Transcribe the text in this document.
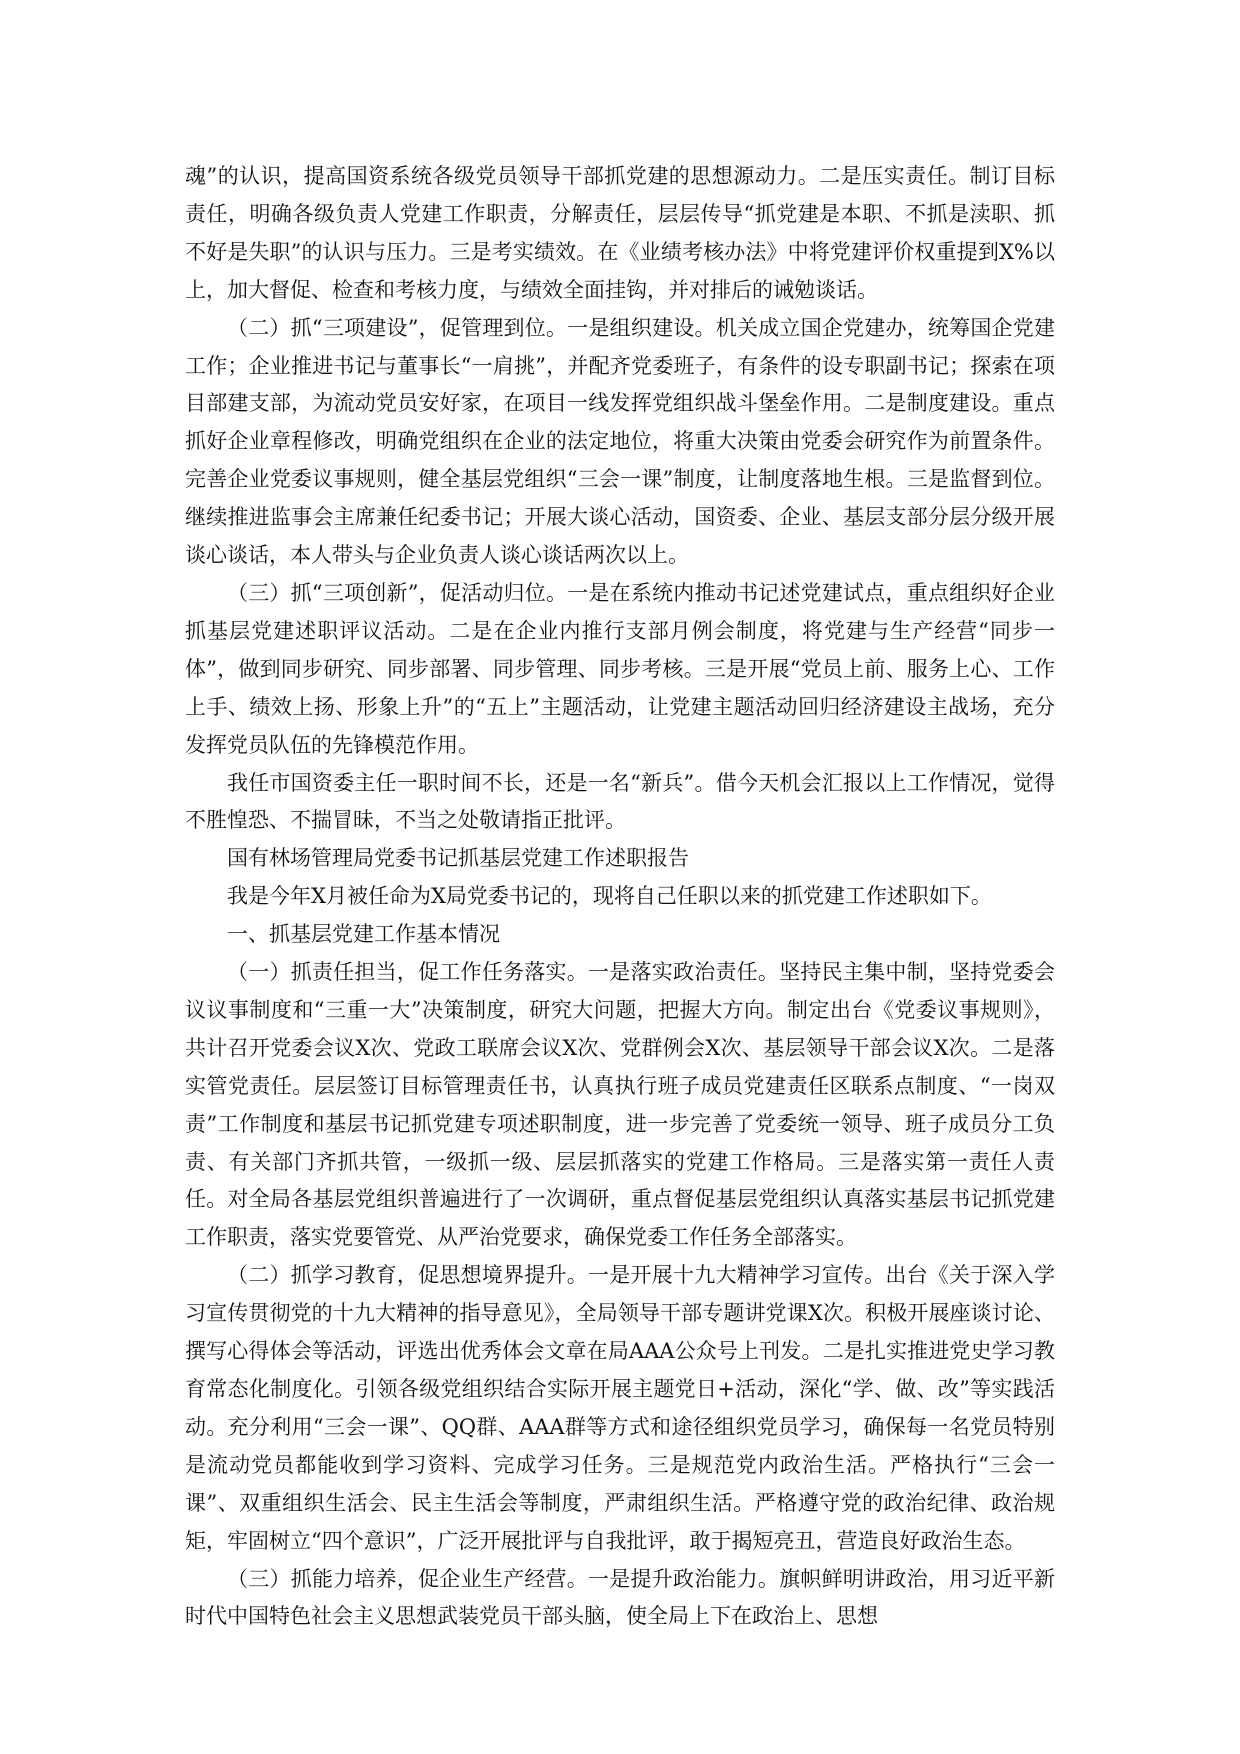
魂”的认识，提高国资系统各级党员领导干部抓党建的思想源动力。二是压实责任。制订目标责任，明确各级负责人党建工作职责，分解责任，层层传导“抓党建是本职、不抓是渎职、抓不好是失职”的认识与压力。三是考实绩效。在《业绩考核办法》中将党建评价权重提到X%以上，加大督促、检查和考核力度，与绩效全面挂钩，并对排后的诫勉谈话。

（二）抓“三项建设”，促管理到位。一是组织建设。机关成立国企党建办，统筹国企党建工作；企业推进书记与董事长“一肩挑”，并配齐党委班子，有条件的设专职副书记；探索在项目部建支部，为流动党员安好家，在项目一线发挥党组织战斗堡垒作用。二是制度建设。重点抓好企业章程修改，明确党组织在企业的法定地位，将重大决策由党委会研究作为前置条件。完善企业党委议事规则，健全基层党组织“三会一课”制度，让制度落地生根。三是监督到位。继续推进监事会主席兼任纪委书记；开展大谈心活动，国资委、企业、基层支部分层分级开展谈心谈话，本人带头与企业负责人谈心谈话两次以上。

（三）抓“三项创新”，促活动归位。一是在系统内推动书记述党建试点，重点组织好企业抓基层党建述职评议活动。二是在企业内推行支部月例会制度，将党建与生产经营“同步一体”，做到同步研究、同步部署、同步管理、同步考核。三是开展“党员上前、服务上心、工作上手、绩效上扬、形象上升”的“五上”主题活动，让党建主题活动回归经济建设主战场，充分发挥党员队伍的先锋模范作用。

我任市国资委主任一职时间不长，还是一名“新兵”。借今天机会汇报以上工作情况，觉得不胜惶恐、不揣冒昧，不当之处敬请指正批评。

国有林场管理局党委书记抓基层党建工作述职报告

我是今年X月被任命为X局党委书记的，现将自己任职以来的抓党建工作述职如下。

一、抓基层党建工作基本情况

（一）抓责任担当，促工作任务落实。一是落实政治责任。坚持民主集中制，坚持党委会议议事制度和“三重一大”决策制度，研究大问题，把握大方向。制定出台《党委议事规则》，共计召开党委会议X次、党政工联席会议X次、党群例会X次、基层领导干部会议X次。二是落实管党责任。层层签订目标管理责任书，认真执行班子成员党建责任区联系点制度、“一岗双责”工作制度和基层书记抓党建专项述职制度，进一步完善了党委统一领导、班子成员分工负责、有关部门齐抓共管，一级抓一级、层层抓落实的党建工作格局。三是落实第一责任人责任。对全局各基层党组织普遍进行了一次调研，重点督促基层党组织认真落实基层书记抓党建工作职责，落实党要管党、从严治党要求，确保党委工作任务全部落实。

（二）抓学习教育，促思想境界提升。一是开展十九大精神学习宣传。出台《关于深入学习宣传贯彻党的十九大精神的指导意见》，全局领导干部专题讲党课X次。积极开展座谈讨论、撰写心得体会等活动，评选出优秀体会文章在局AAA公众号上刊发。二是扎实推进党史学习教育常态化制度化。引领各级党组织结合实际开展主题党日+活动，深化“学、做、改”等实践活动。充分利用“三会一课”、QQ群、AAA群等方式和途径组织党员学习，确保每一名党员特别是流动党员都能收到学习资料、完成学习任务。三是规范党内政治生活。严格执行“三会一课”、双重组织生活会、民主生活会等制度，严肃组织生活。严格遵守党的政治纪律、政治规矩，牢固树立“四个意识”，广泛开展批评与自我批评，敢于揭短亮丑，营造良好政治生态。

（三）抓能力培养，促企业生产经营。一是提升政治能力。旗帜鲜明讲政治，用习近平新时代中国特色社会主义思想武装党员干部头脑，使全局上下在政治上、思想
